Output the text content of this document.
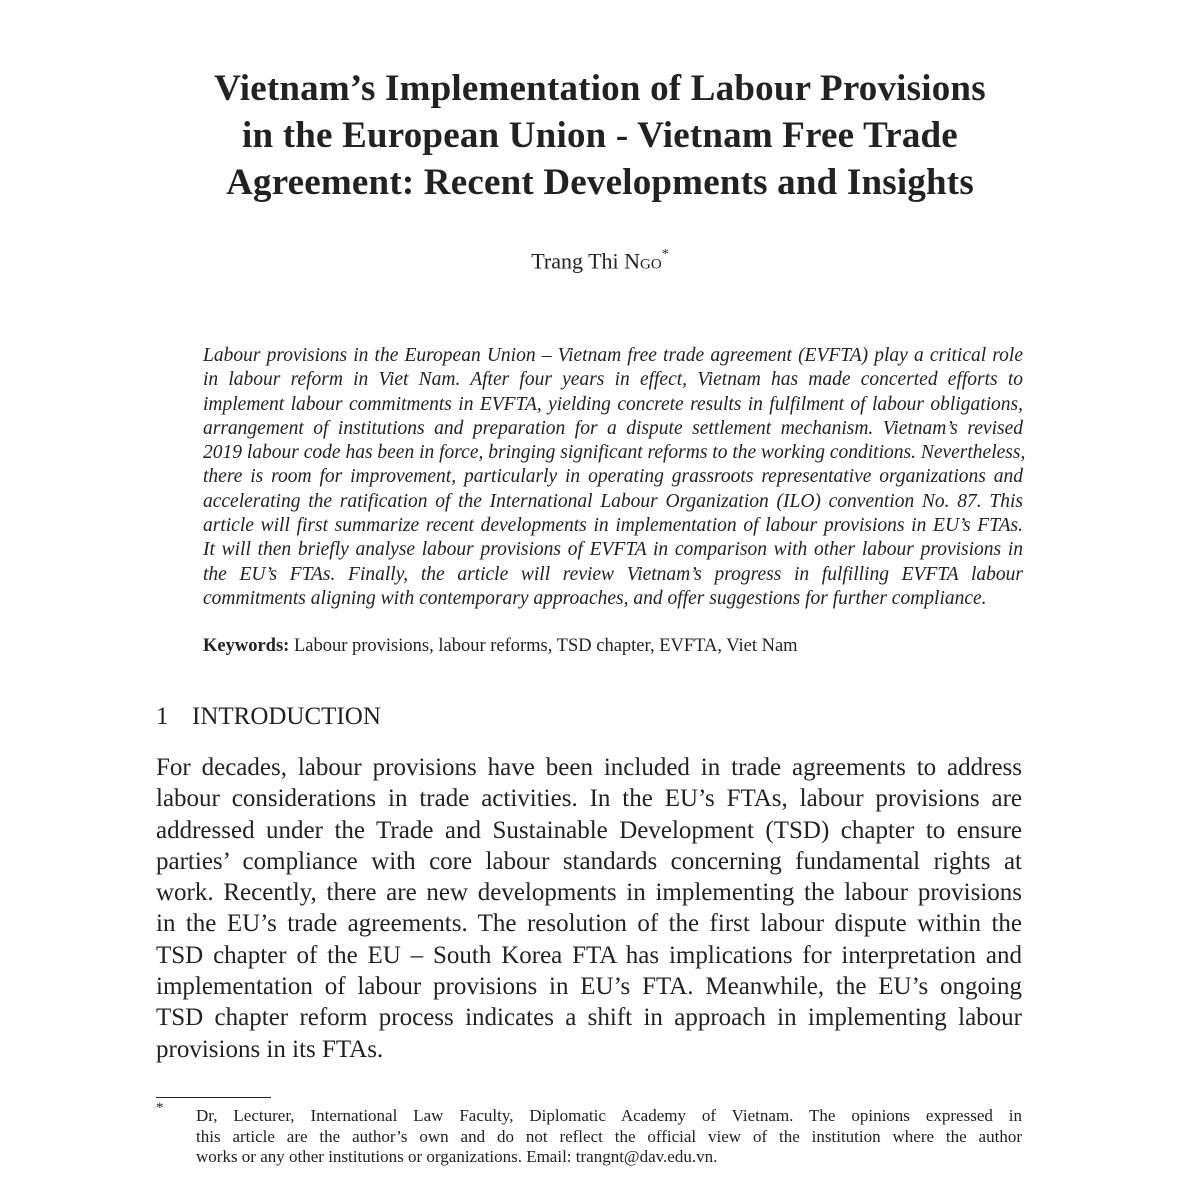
Vietnam’s Implementation of Labour Provisions
in the European Union - Vietnam Free Trade
Agreement: Recent Developments and Insights
Trang Thi Ngo*
Labour provisions in the European Union – Vietnam free trade agreement (EVFTA) play a critical role
in labour reform in Viet Nam. After four years in effect, Vietnam has made concerted efforts to
implement labour commitments in EVFTA, yielding concrete results in fulfilment of labour obligations,
arrangement of institutions and preparation for a dispute settlement mechanism. Vietnam’s revised
2019 labour code has been in force, bringing significant reforms to the working conditions. Nevertheless,
there is room for improvement, particularly in operating grassroots representative organizations and
accelerating the ratification of the International Labour Organization (ILO) convention No. 87. This
article will first summarize recent developments in implementation of labour provisions in EU’s FTAs.
It will then briefly analyse labour provisions of EVFTA in comparison with other labour provisions in
the EU’s FTAs. Finally, the article will review Vietnam’s progress in fulfilling EVFTA labour
commitments aligning with contemporary approaches, and offer suggestions for further compliance.
Keywords: Labour provisions, labour reforms, TSD chapter, EVFTA, Viet Nam
1 INTRODUCTION
For decades, labour provisions have been included in trade agreements to address
labour considerations in trade activities. In the EU’s FTAs, labour provisions are
addressed under the Trade and Sustainable Development (TSD) chapter to ensure
parties’ compliance with core labour standards concerning fundamental rights at
work. Recently, there are new developments in implementing the labour provisions
in the EU’s trade agreements. The resolution of the first labour dispute within the
TSD chapter of the EU – South Korea FTA has implications for interpretation and
implementation of labour provisions in EU’s FTA. Meanwhile, the EU’s ongoing
TSD chapter reform process indicates a shift in approach in implementing labour
provisions in its FTAs.
* Dr, Lecturer, International Law Faculty, Diplomatic Academy of Vietnam. The opinions expressed in
this article are the author’s own and do not reflect the official view of the institution where the author
works or any other institutions or organizations. Email: trangnt@dav.edu.vn.
